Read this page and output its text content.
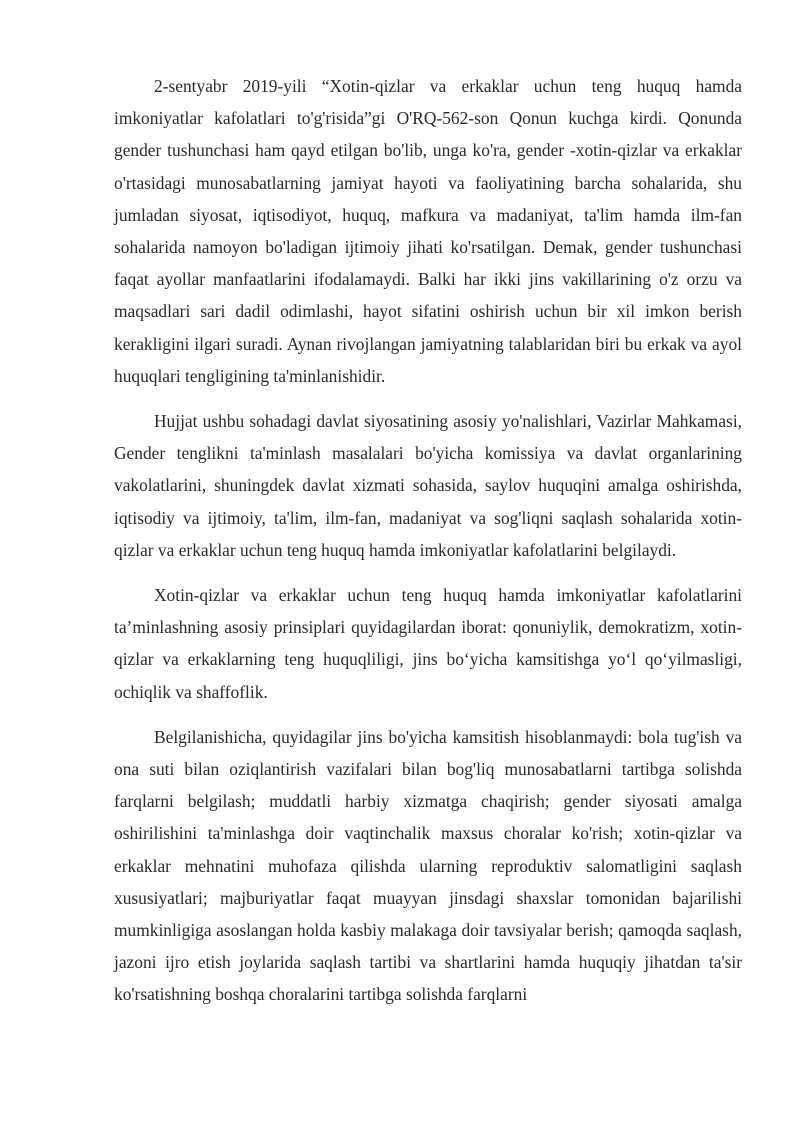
2-sentyabr 2019-yili “Xotin-qizlar va erkaklar uchun teng huquq hamda imkoniyatlar kafolatlari to'g'risida”gi O'RQ-562-son Qonun kuchga kirdi. Qonunda gender tushunchasi ham qayd etilgan bo'lib, unga ko'ra, gender -xotin-qizlar va erkaklar o'rtasidagi munosabatlarning jamiyat hayoti va faoliyatining barcha sohalarida, shu jumladan siyosat, iqtisodiyot, huquq, mafkura va madaniyat, ta'lim hamda ilm-fan sohalarida namoyon bo'ladigan ijtimoiy jihati ko'rsatilgan. Demak, gender tushunchasi faqat ayollar manfaatlarini ifodalamaydi. Balki har ikki jins vakillarining o'z orzu va maqsadlari sari dadil odimlashi, hayot sifatini oshirish uchun bir xil imkon berish kerakligini ilgari suradi. Aynan rivojlangan jamiyatning talablaridan biri bu erkak va ayol huquqlari tengligining ta'minlanishidir.

Hujjat ushbu sohadagi davlat siyosatining asosiy yo'nalishlari, Vazirlar Mahkamasi, Gender tenglikni ta'minlash masalalari bo'yicha komissiya va davlat organlarining vakolatlarini, shuningdek davlat xizmati sohasida, saylov huquqini amalga oshirishda, iqtisodiy va ijtimoiy, ta'lim, ilm-fan, madaniyat va sog'liqni saqlash sohalarida xotin-qizlar va erkaklar uchun teng huquq hamda imkoniyatlar kafolatlarini belgilaydi.

Xotin-qizlar va erkaklar uchun teng huquq hamda imkoniyatlar kafolatlarini ta’minlashning asosiy prinsiplari quyidagilardan iborat: qonuniylik, demokratizm, xotin-qizlar va erkaklarning teng huquqliligi, jins bo‘yicha kamsitishga yo‘l qo‘yilmasligi, ochiqlik va shaffoflik.

Belgilanishicha, quyidagilar jins bo'yicha kamsitish hisoblanmaydi: bola tug'ish va ona suti bilan oziqlantirish vazifalari bilan bog'liq munosabatlarni tartibga solishda farqlarni belgilash; muddatli harbiy xizmatga chaqirish; gender siyosati amalga oshirilishini ta'minlashga doir vaqtinchalik maxsus choralar ko'rish; xotin-qizlar va erkaklar mehnatini muhofaza qilishda ularning reproduktiv salomatligini saqlash xususiyatlari; majburiyatlar faqat muayyan jinsdagi shaxslar tomonidan bajarilishi mumkinligiga asoslangan holda kasbiy malakaga doir tavsiyalar berish; qamoqda saqlash, jazoni ijro etish joylarida saqlash tartibi va shartlarini hamda huquqiy jihatdan ta'sir ko'rsatishning boshqa choralarini tartibga solishda farqlarni
